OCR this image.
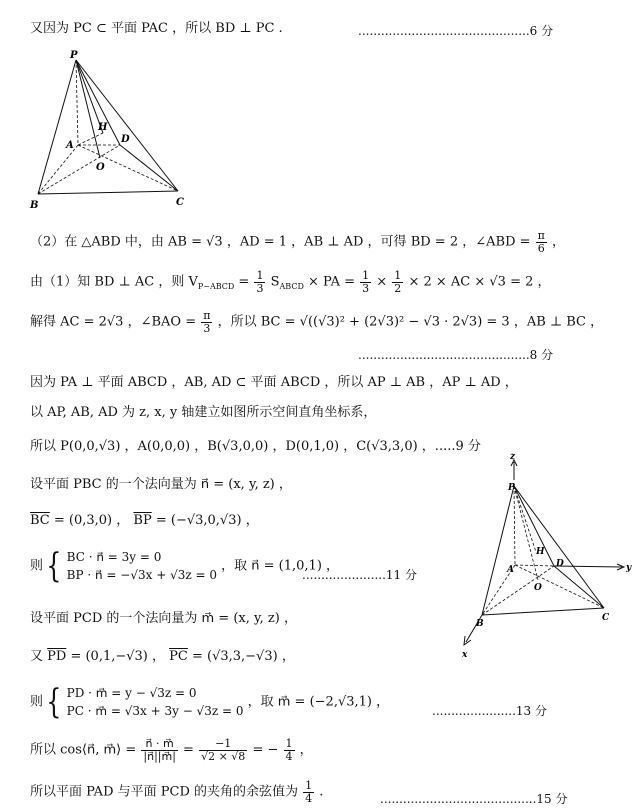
又因为 PC ⊂ 平面 PAC ，所以 BD ⊥ PC .	.............................................6 分
P
A
H
D
O
B	C
（2）在 △ABD 中，由 AB = √3 ，AD = 1 ，AB ⊥ AD ，可得 BD = 2 ，∠ABD = $\frac{\pi}{6}$ ，
由（1）知 BD ⊥ AC ，则 $V_{P-ABCD} = \frac{1}{3} S_{ABCD}$ × PA = $\frac{1}{3} \times \frac{1}{2} \times 2$ × AC × √3 = 2 ，
解得 AC = 2√3 ，∠BAO = $\frac{\pi}{3}$ ，所以 BC = √((√3)² + (2√3)² − √3 · 2√3) = 3 ，AB ⊥ BC ，
.............................................8 分
因为 PA ⊥ 平面 ABCD ，AB, AD ⊂ 平面 ABCD ，所以 AP ⊥ AB ，AP ⊥ AD ，
以 AP, AB, AD 为 z, x, y 轴建立如图所示空间直角坐标系，
所以 P(0,0,√3) ，A(0,0,0) ，B(√3,0,0) ，D(0,1,0) ，C(√3,3,0) ，.....9 分
设平面 PBC 的一个法向量为 n⃗ = (x, y, z) ，
$\overline{BC} = (0,3,0)$ ， $\overline{BP} = (-√3,0,√3)$ ，
则{ BC · n⃗ = 3y = 0
BP · n⃗ = −√3x + √3z = 0 ，取 n⃗ = (1,0,1) ，
......................11 分
z
P
H
A
D	y
O
B
C
x
设平面 PCD 的一个法向量为 m⃗ = (x, y, z) ，
又 $\overline{PD} = (0,1,-√3)$ ， $\overline{PC} = (√3,3,-√3)$ ，
则{ PD · m⃗ = y − √3z = 0
PC · m⃗ = √3x + 3y − √3z = 0 ，取 m⃗ = (−2,√3,1) ，
......................13 分
所以 cos⟨n⃗, m⃗⟩ = $\frac{n⃗ \cdot m⃗}{|n⃗||m⃗|} = \frac{-1}{√2 \times √8}$ = − $\frac{1}{4}$ ，
所以平面 PAD 与平面 PCD 的夹角的余弦值为 $\frac{1}{4}$ .	.........................................15 分
